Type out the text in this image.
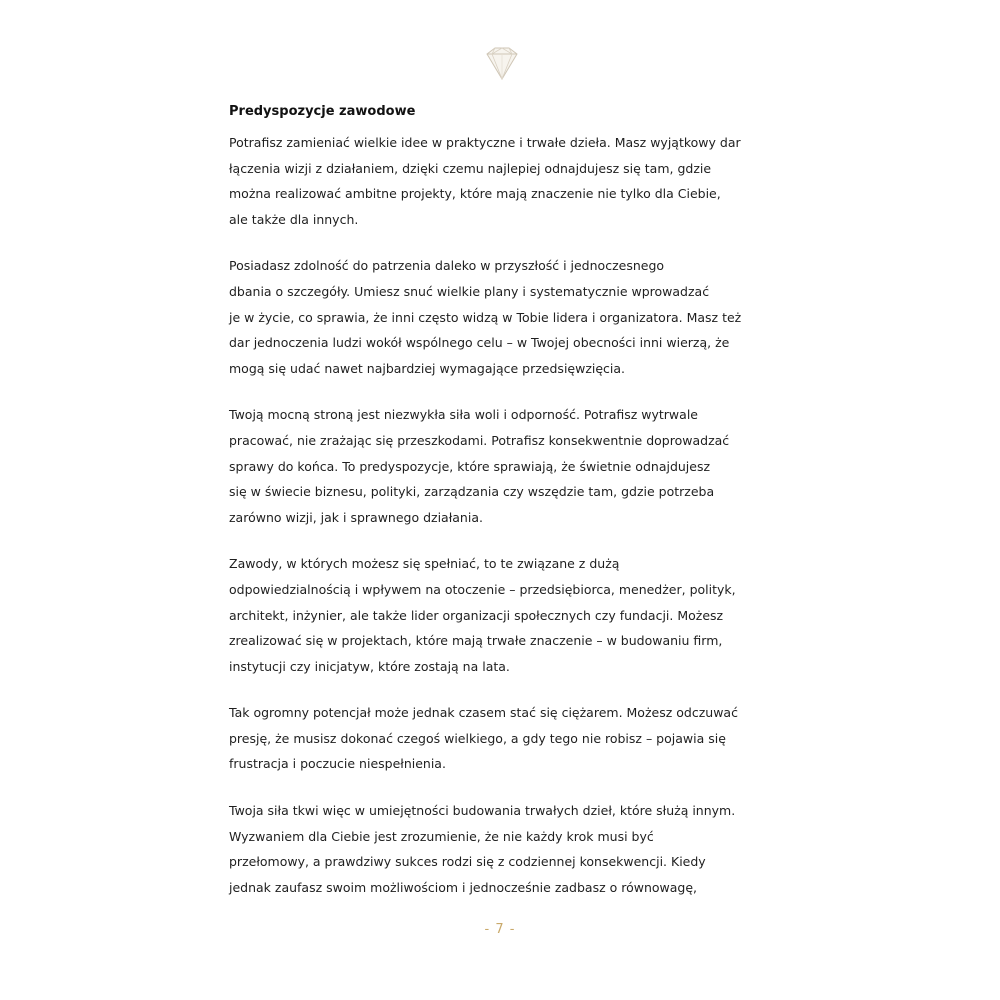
Predyspozycje zawodowe
Potrafisz zamieniać wielkie idee w praktyczne i trwałe dzieła. Masz wyjątkowy dar
łączenia wizji z działaniem, dzięki czemu najlepiej odnajdujesz się tam, gdzie
można realizować ambitne projekty, które mają znaczenie nie tylko dla Ciebie,
ale także dla innych.
Posiadasz zdolność do patrzenia daleko w przyszłość i jednoczesnego
dbania o szczegóły. Umiesz snuć wielkie plany i systematycznie wprowadzać
je w życie, co sprawia, że inni często widzą w Tobie lidera i organizatora. Masz też
dar jednoczenia ludzi wokół wspólnego celu – w Twojej obecności inni wierzą, że
mogą się udać nawet najbardziej wymagające przedsięwzięcia.
Twoją mocną stroną jest niezwykła siła woli i odporność. Potrafisz wytrwale
pracować, nie zrażając się przeszkodami. Potrafisz konsekwentnie doprowadzać
sprawy do końca. To predyspozycje, które sprawiają, że świetnie odnajdujesz
się w świecie biznesu, polityki, zarządzania czy wszędzie tam, gdzie potrzeba
zarówno wizji, jak i sprawnego działania.
Zawody, w których możesz się spełniać, to te związane z dużą
odpowiedzialnością i wpływem na otoczenie – przedsiębiorca, menedżer, polityk,
architekt, inżynier, ale także lider organizacji społecznych czy fundacji. Możesz
zrealizować się w projektach, które mają trwałe znaczenie – w budowaniu firm,
instytucji czy inicjatyw, które zostają na lata.
Tak ogromny potencjał może jednak czasem stać się ciężarem. Możesz odczuwać
presję, że musisz dokonać czegoś wielkiego, a gdy tego nie robisz – pojawia się
frustracja i poczucie niespełnienia.
Twoja siła tkwi więc w umiejętności budowania trwałych dzieł, które służą innym.
Wyzwaniem dla Ciebie jest zrozumienie, że nie każdy krok musi być
przełomowy, a prawdziwy sukces rodzi się z codziennej konsekwencji. Kiedy
jednak zaufasz swoim możliwościom i jednocześnie zadbasz o równowagę,
- 7 -
